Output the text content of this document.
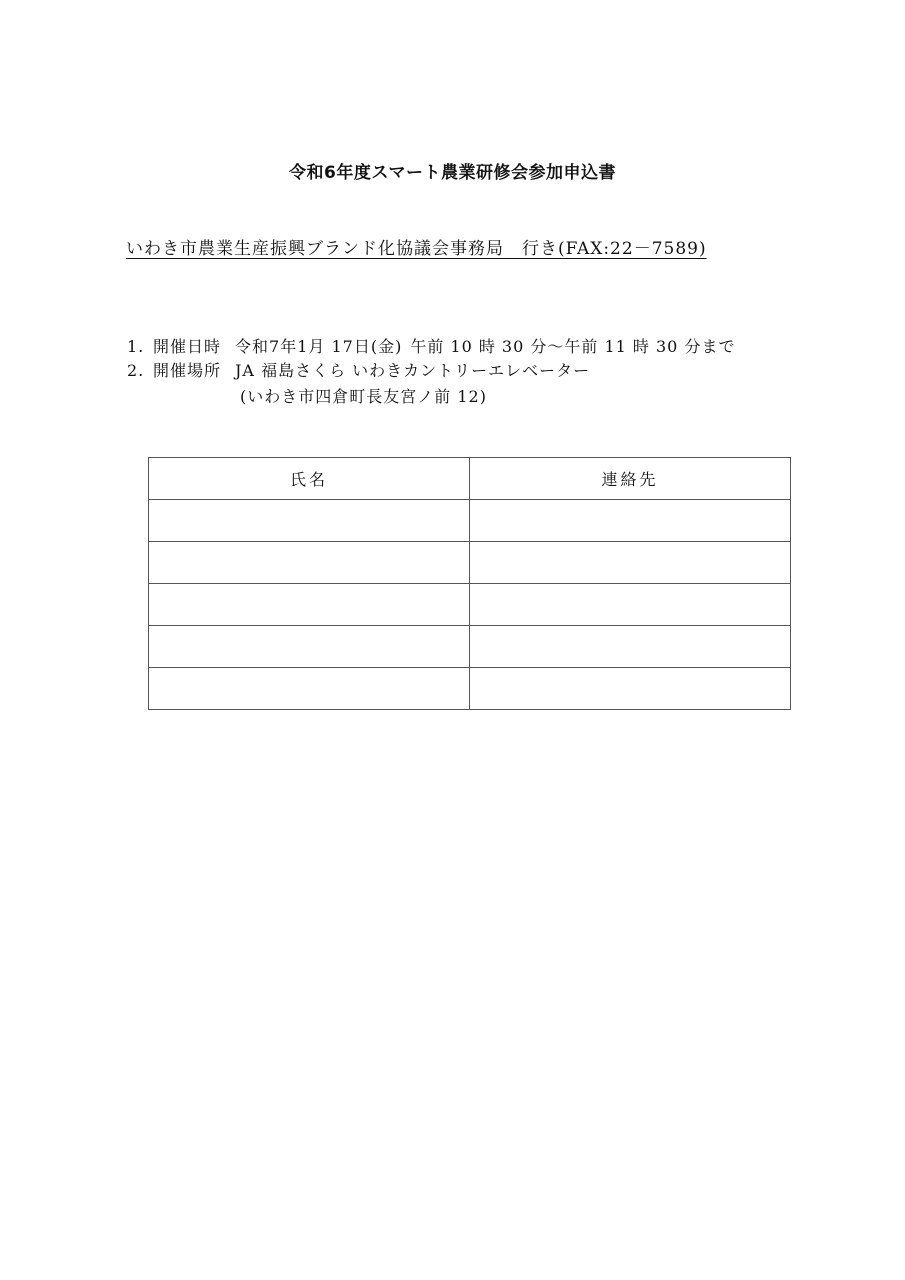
令和6年度スマート農業研修会参加申込書
いわき市農業生産振興ブランド化協議会事務局　行き(FAX:22－7589)
1. 開催日時 令和7年1月 17日(金) 午前 10 時 30 分～午前 11 時 30 分まで
2. 開催場所 JA 福島さくら いわきカントリーエレベーター
(いわき市四倉町長友宮ノ前 12)
氏名	連絡先
